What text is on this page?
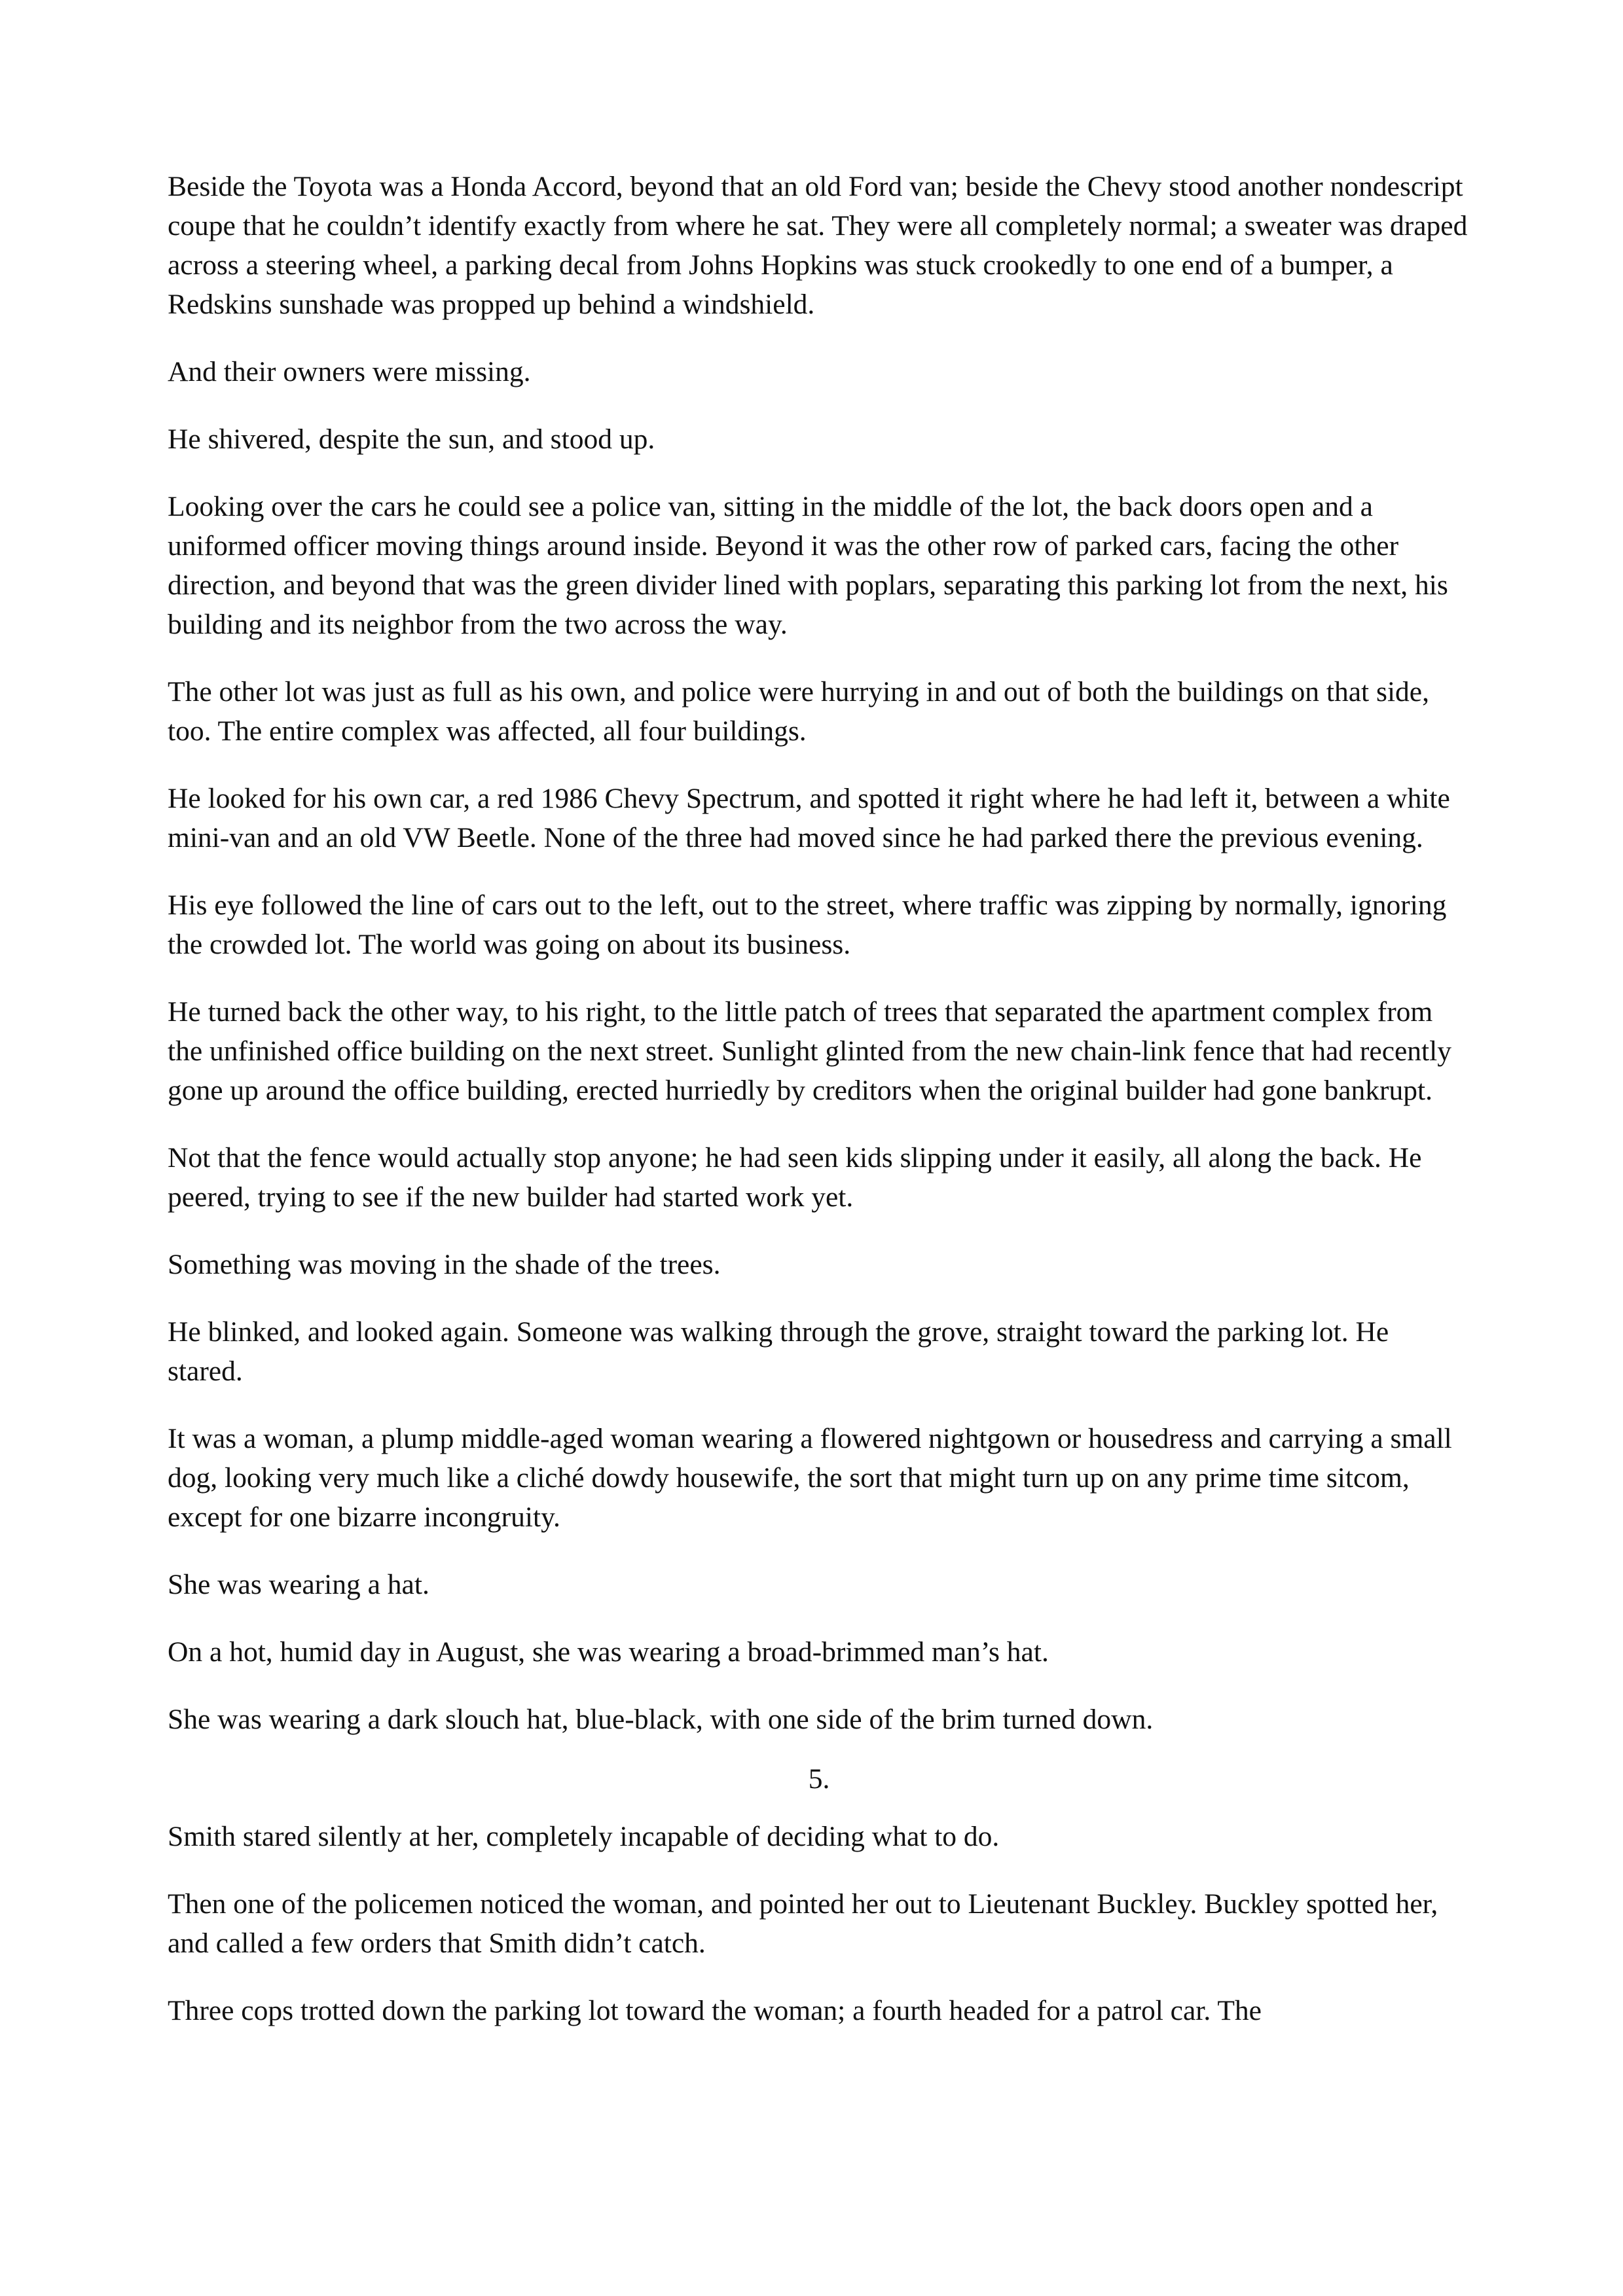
Beside the Toyota was a Honda Accord, beyond that an old Ford van; beside the Chevy stood another nondescript coupe that he couldn’t identify exactly from where he sat. They were all completely normal; a sweater was draped across a steering wheel, a parking decal from Johns Hopkins was stuck crookedly to one end of a bumper, a Redskins sunshade was propped up behind a windshield.

And their owners were missing.

He shivered, despite the sun, and stood up.

Looking over the cars he could see a police van, sitting in the middle of the lot, the back doors open and a uniformed officer moving things around inside. Beyond it was the other row of parked cars, facing the other direction, and beyond that was the green divider lined with poplars, separating this parking lot from the next, his building and its neighbor from the two across the way.

The other lot was just as full as his own, and police were hurrying in and out of both the buildings on that side, too. The entire complex was affected, all four buildings.

He looked for his own car, a red 1986 Chevy Spectrum, and spotted it right where he had left it, between a white mini-van and an old VW Beetle. None of the three had moved since he had parked there the previous evening.

His eye followed the line of cars out to the left, out to the street, where traffic was zipping by normally, ignoring the crowded lot. The world was going on about its business.

He turned back the other way, to his right, to the little patch of trees that separated the apartment complex from the unfinished office building on the next street. Sunlight glinted from the new chain-link fence that had recently gone up around the office building, erected hurriedly by creditors when the original builder had gone bankrupt.

Not that the fence would actually stop anyone; he had seen kids slipping under it easily, all along the back. He peered, trying to see if the new builder had started work yet.

Something was moving in the shade of the trees.

He blinked, and looked again. Someone was walking through the grove, straight toward the parking lot. He stared.

It was a woman, a plump middle-aged woman wearing a flowered nightgown or housedress and carrying a small dog, looking very much like a cliché dowdy housewife, the sort that might turn up on any prime time sitcom, except for one bizarre incongruity.

She was wearing a hat.

On a hot, humid day in August, she was wearing a broad-brimmed man’s hat.

She was wearing a dark slouch hat, blue-black, with one side of the brim turned down.

5.

Smith stared silently at her, completely incapable of deciding what to do.

Then one of the policemen noticed the woman, and pointed her out to Lieutenant Buckley. Buckley spotted her, and called a few orders that Smith didn’t catch.

Three cops trotted down the parking lot toward the woman; a fourth headed for a patrol car. The
